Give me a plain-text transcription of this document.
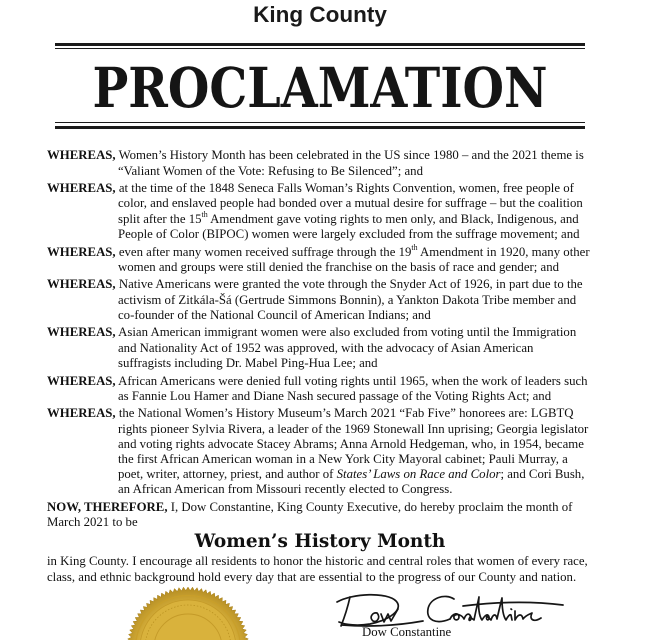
King County
PROCLAMATION
WHEREAS, Women’s History Month has been celebrated in the US since 1980 – and the 2021 theme is
“Valiant Women of the Vote: Refusing to Be Silenced”; and
WHEREAS, at the time of the 1848 Seneca Falls Woman’s Rights Convention, women, free people of
color, and enslaved people had bonded over a mutual desire for suffrage – but the coalition
split after the 15th Amendment gave voting rights to men only, and Black, Indigenous, and
People of Color (BIPOC) women were largely excluded from the suffrage movement; and
WHEREAS, even after many women received suffrage through the 19th Amendment in 1920, many other
women and groups were still denied the franchise on the basis of race and gender; and
WHEREAS, Native Americans were granted the vote through the Snyder Act of 1926, in part due to the
activism of Zitkála-Šá (Gertrude Simmons Bonnin), a Yankton Dakota Tribe member and
co-founder of the National Council of American Indians; and
WHEREAS, Asian American immigrant women were also excluded from voting until the Immigration
and Nationality Act of 1952 was approved, with the advocacy of Asian American
suffragists including Dr. Mabel Ping-Hua Lee; and
WHEREAS, African Americans were denied full voting rights until 1965, when the work of leaders such
as Fannie Lou Hamer and Diane Nash secured passage of the Voting Rights Act; and
WHEREAS, the National Women’s History Museum’s March 2021 “Fab Five” honorees are: LGBTQ
rights pioneer Sylvia Rivera, a leader of the 1969 Stonewall Inn uprising; Georgia legislator
and voting rights advocate Stacey Abrams; Anna Arnold Hedgeman, who, in 1954, became
the first African American woman in a New York City Mayoral cabinet; Pauli Murray, a
poet, writer, attorney, priest, and author of States’ Laws on Race and Color; and Cori Bush,
an African American from Missouri recently elected to Congress.
NOW, THEREFORE, I, Dow Constantine, King County Executive, do hereby proclaim the month of
March 2021 to be
Women’s History Month
in King County. I encourage all residents to honor the historic and central roles that women of every race,
class, and ethnic background hold every day that are essential to the progress of our County and nation.
Dow Constantine
